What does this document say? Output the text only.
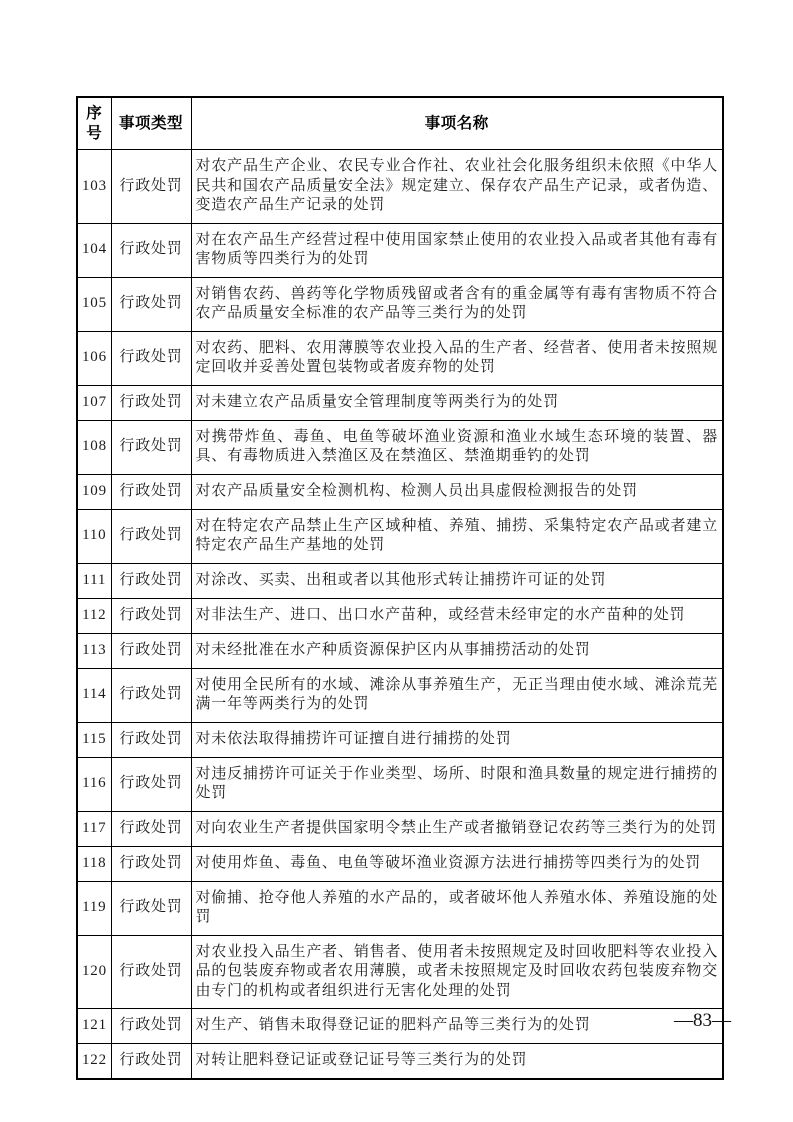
序号	事项类型	事项名称
103	行政处罚	对农产品生产企业、农民专业合作社、农业社会化服务组织未依照《中华人民共和国农产品质量安全法》规定建立、保存农产品生产记录，或者伪造、变造农产品生产记录的处罚
104	行政处罚	对在农产品生产经营过程中使用国家禁止使用的农业投入品或者其他有毒有害物质等四类行为的处罚
105	行政处罚	对销售农药、兽药等化学物质残留或者含有的重金属等有毒有害物质不符合农产品质量安全标准的农产品等三类行为的处罚
106	行政处罚	对农药、肥料、农用薄膜等农业投入品的生产者、经营者、使用者未按照规定回收并妥善处置包装物或者废弃物的处罚
107	行政处罚	对未建立农产品质量安全管理制度等两类行为的处罚
108	行政处罚	对携带炸鱼、毒鱼、电鱼等破坏渔业资源和渔业水域生态环境的装置、器具、有毒物质进入禁渔区及在禁渔区、禁渔期垂钓的处罚
109	行政处罚	对农产品质量安全检测机构、检测人员出具虚假检测报告的处罚
110	行政处罚	对在特定农产品禁止生产区域种植、养殖、捕捞、采集特定农产品或者建立特定农产品生产基地的处罚
111	行政处罚	对涂改、买卖、出租或者以其他形式转让捕捞许可证的处罚
112	行政处罚	对非法生产、进口、出口水产苗种，或经营未经审定的水产苗种的处罚
113	行政处罚	对未经批准在水产种质资源保护区内从事捕捞活动的处罚
114	行政处罚	对使用全民所有的水域、滩涂从事养殖生产，无正当理由使水域、滩涂荒芜满一年等两类行为的处罚
115	行政处罚	对未依法取得捕捞许可证擅自进行捕捞的处罚
116	行政处罚	对违反捕捞许可证关于作业类型、场所、时限和渔具数量的规定进行捕捞的处罚
117	行政处罚	对向农业生产者提供国家明令禁止生产或者撤销登记农药等三类行为的处罚
118	行政处罚	对使用炸鱼、毒鱼、电鱼等破坏渔业资源方法进行捕捞等四类行为的处罚
119	行政处罚	对偷捕、抢夺他人养殖的水产品的，或者破坏他人养殖水体、养殖设施的处罚
120	行政处罚	对农业投入品生产者、销售者、使用者未按照规定及时回收肥料等农业投入品的包装废弃物或者农用薄膜，或者未按照规定及时回收农药包装废弃物交由专门的机构或者组织进行无害化处理的处罚
121	行政处罚	对生产、销售未取得登记证的肥料产品等三类行为的处罚
122	行政处罚	对转让肥料登记证或登记证号等三类行为的处罚
—83—
